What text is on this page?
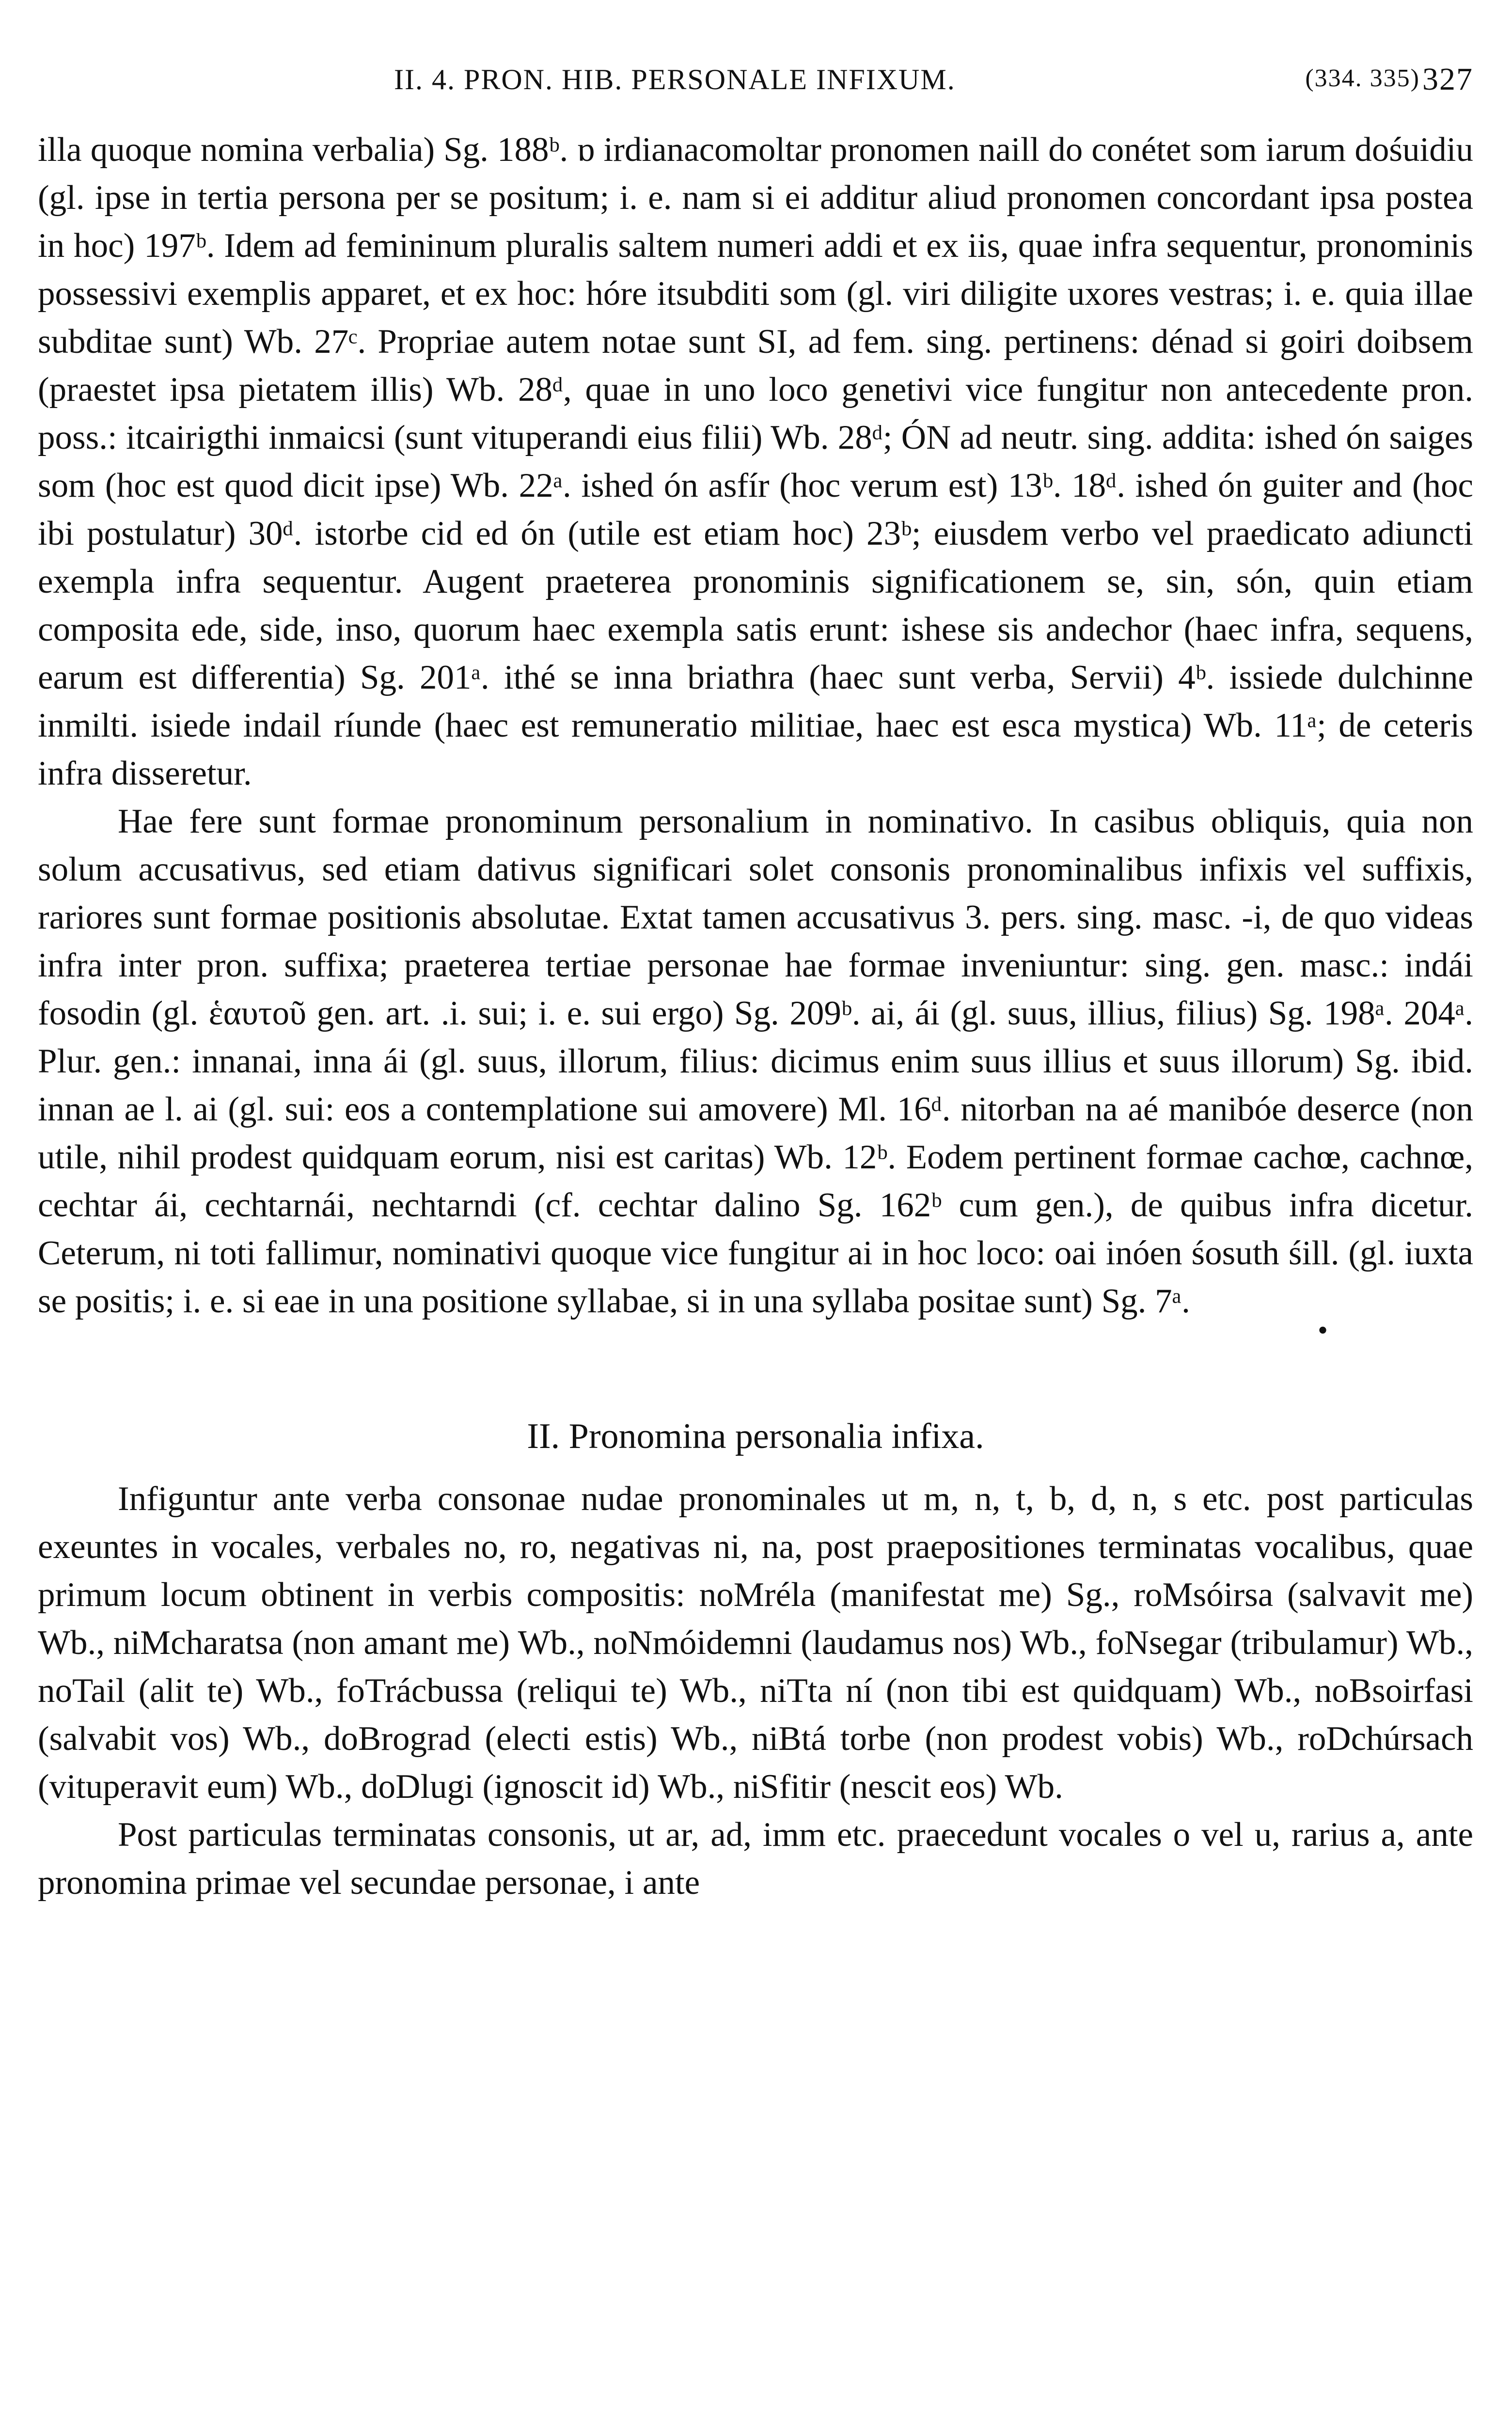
II. 4. PRON. HIB. PERSONALE INFIXUM.	(334. 335) 327

illa quoque nomina verbalia) Sg. 188ᵇ. ɒ irdianacomoltar pronomen naill do conétet som iarum dośuidiu (gl. ipse in tertia persona per se positum; i. e. nam si ei additur aliud pronomen concordant ipsa postea in hoc) 197ᵇ. Idem ad femininum pluralis saltem numeri addi et ex iis, quae infra sequentur, pronominis possessivi exemplis apparet, et ex hoc: hóre itsubditi som (gl. viri diligite uxores vestras; i. e. quia illae subditae sunt) Wb. 27ᶜ. Propriae autem notae sunt SI, ad fem. sing. pertinens: dénad si goiri doibsem (praestet ipsa pietatem illis) Wb. 28ᵈ, quae in uno loco genetivi vice fungitur non antecedente pron. poss.: itcairigthi inmaicsi (sunt vituperandi eius filii) Wb. 28ᵈ; ÓN ad neutr. sing. addita: ished ón saiges som (hoc est quod dicit ipse) Wb. 22ᵃ. ished ón asfír (hoc verum est) 13ᵇ. 18ᵈ. ished ón guiter and (hoc ibi postulatur) 30ᵈ. istorbe cid ed ón (utile est etiam hoc) 23ᵇ; eiusdem verbo vel praedicato adiuncti exempla infra sequentur. Augent praeterea pronominis significationem se, sin, són, quin etiam composita ede, side, inso, quorum haec exempla satis erunt: ishese sis andechor (haec infra, sequens, earum est differentia) Sg. 201ᵃ. ithé se inna briathra (haec sunt verba, Servii) 4ᵇ. issiede dulchinne inmilti. isiede indail ríunde (haec est remuneratio militiae, haec est esca mystica) Wb. 11ᵃ; de ceteris infra disseretur.

Hae fere sunt formae pronominum personalium in nominativo. In casibus obliquis, quia non solum accusativus, sed etiam dativus significari solet consonis pronominalibus infixis vel suffixis, rariores sunt formae positionis absolutae. Extat tamen accusativus 3. pers. sing. masc. -i, de quo videas infra inter pron. suffixa; praeterea tertiae personae hae formae inveniuntur: sing. gen. masc.: indái fosodin (gl. ἑαυτοῦ gen. art. .i. sui; i. e. sui ergo) Sg. 209ᵇ. ai, ái (gl. suus, illius, filius) Sg. 198ᵃ. 204ᵃ. Plur. gen.: innanai, inna ái (gl. suus, illorum, filius: dicimus enim suus illius et suus illorum) Sg. ibid. innan ae l. ai (gl. sui: eos a contemplatione sui amovere) Ml. 16ᵈ. nitorban na aé manibóe deserce (non utile, nihil prodest quidquam eorum, nisi est caritas) Wb. 12ᵇ. Eodem pertinent formae cachœ, cachnœ, cechtar ái, cechtarnái, nechtarndi (cf. cechtar dalino Sg. 162ᵇ cum gen.), de quibus infra dicetur. Ceterum, ni toti fallimur, nominativi quoque vice fungitur ai in hoc loco: oai inóen śosuth śill. (gl. iuxta se positis; i. e. si eae in una positione syllabae, si in una syllaba positae sunt) Sg. 7ᵃ.

•
II. Pronomina personalia infixa.

Infiguntur ante verba consonae nudae pronominales ut m, n, t, b, d, n, s etc. post particulas exeuntes in vocales, verbales no, ro, negativas ni, na, post praepositiones terminatas vocalibus, quae primum locum obtinent in verbis compositis: noMréla (manifestat me) Sg., roMsóirsa (salvavit me) Wb., niMcharatsa (non amant me) Wb., noNmóidemni (laudamus nos) Wb., foNsegar (tribulamur) Wb., noTail (alit te) Wb., foTrácbussa (reliqui te) Wb., niTta ní (non tibi est quidquam) Wb., noBsoirfasi (salvabit vos) Wb., doBrograd (electi estis) Wb., niBtá torbe (non prodest vobis) Wb., roDchúrsach (vituperavit eum) Wb., doDlugi (ignoscit id) Wb., niSfitir (nescit eos) Wb.

Post particulas terminatas consonis, ut ar, ad, imm etc. praecedunt vocales o vel u, rarius a, ante pronomina primae vel secundae personae, i ante
